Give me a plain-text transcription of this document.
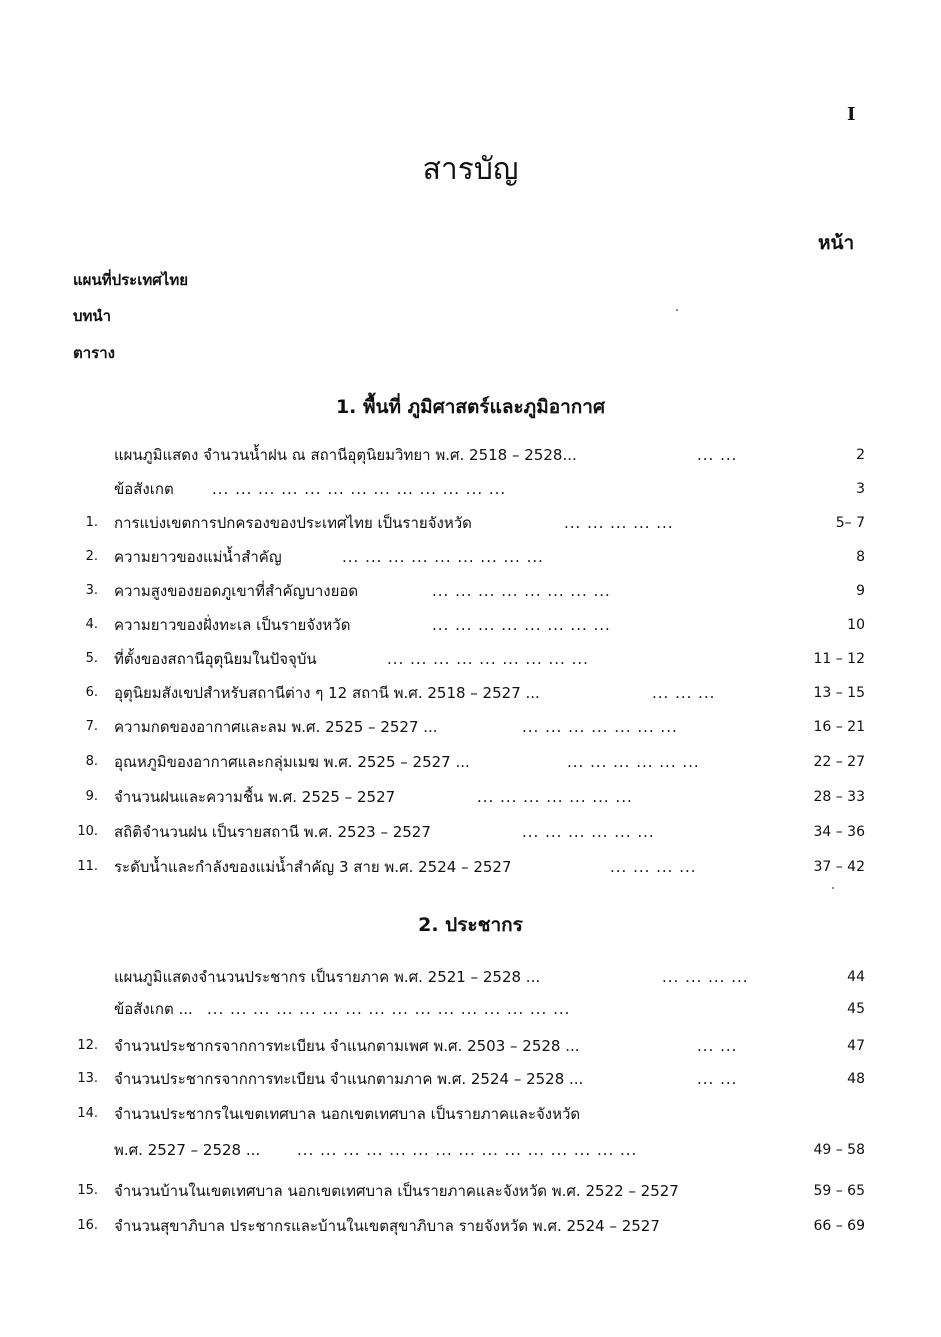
I
สารบัญ
หน้า
แผนที่ประเทศไทย
บทนำ
ตาราง
1. พื้นที่ ภูมิศาสตร์และภูมิอากาศ
แผนภูมิแสดง จำนวนน้ำฝน ณ สถานีอุตุนิยมวิทยา พ.ศ. 2518 – 2528...	... ...	2
ข้อสังเกต	... ... ... ... ... ... ... ... ... ... ... ... ...	3
1. การแบ่งเขตการปกครองของประเทศไทย เป็นรายจังหวัด	... ... ... ... ...	5– 7
2. ความยาวของแม่น้ำสำคัญ	... ... ... ... ... ... ... ... ...	8
3. ความสูงของยอดภูเขาที่สำคัญบางยอด	... ... ... ... ... ... ... ...	9
4. ความยาวของฝั่งทะเล เป็นรายจังหวัด	... ... ... ... ... ... ... ...	10
5. ที่ตั้งของสถานีอุตุนิยมในปัจจุบัน	... ... ... ... ... ... ... ... ...	11 – 12
6. อุตุนิยมสังเขปสำหรับสถานีต่าง ๆ 12 สถานี พ.ศ. 2518 – 2527 ...	... ... ...	13 – 15
7. ความกดของอากาศและลม พ.ศ. 2525 – 2527 ...	... ... ... ... ... ... ...	16 – 21
8. อุณหภูมิของอากาศและกลุ่มเมฆ พ.ศ. 2525 – 2527 ...	... ... ... ... ... ...	22 – 27
9. จำนวนฝนและความชื้น พ.ศ. 2525 – 2527	... ... ... ... ... ... ...	28 – 33
10. สถิติจำนวนฝน เป็นรายสถานี พ.ศ. 2523 – 2527	... ... ... ... ... ...	34 – 36
11. ระดับน้ำและกำลังของแม่น้ำสำคัญ 3 สาย พ.ศ. 2524 – 2527	... ... ... ...	37 – 42
2. ประชากร
แผนภูมิแสดงจำนวนประชากร เป็นรายภาค พ.ศ. 2521 – 2528 ...	... ... ... ...	44
ข้อสังเกต ... ... ... ... ... ... ... ... ... ... ... ... ... ... ... ... ...	45
12. จำนวนประชากรจากการทะเบียน จำแนกตามเพศ พ.ศ. 2503 – 2528 ...	... ...	47
13. จำนวนประชากรจากการทะเบียน จำแนกตามภาค พ.ศ. 2524 – 2528 ...	... ...	48
14. จำนวนประชากรในเขตเทศบาล นอกเขตเทศบาล เป็นรายภาคและจังหวัด
พ.ศ. 2527 – 2528 ... ... ... ... ... ... ... ... ... ... ... ... ... ... ... ...	49 – 58
15. จำนวนบ้านในเขตเทศบาล นอกเขตเทศบาล เป็นรายภาคและจังหวัด พ.ศ. 2522 – 2527	59 – 65
16. จำนวนสุขาภิบาล ประชากรและบ้านในเขตสุขาภิบาล รายจังหวัด พ.ศ. 2524 – 2527	66 – 69
